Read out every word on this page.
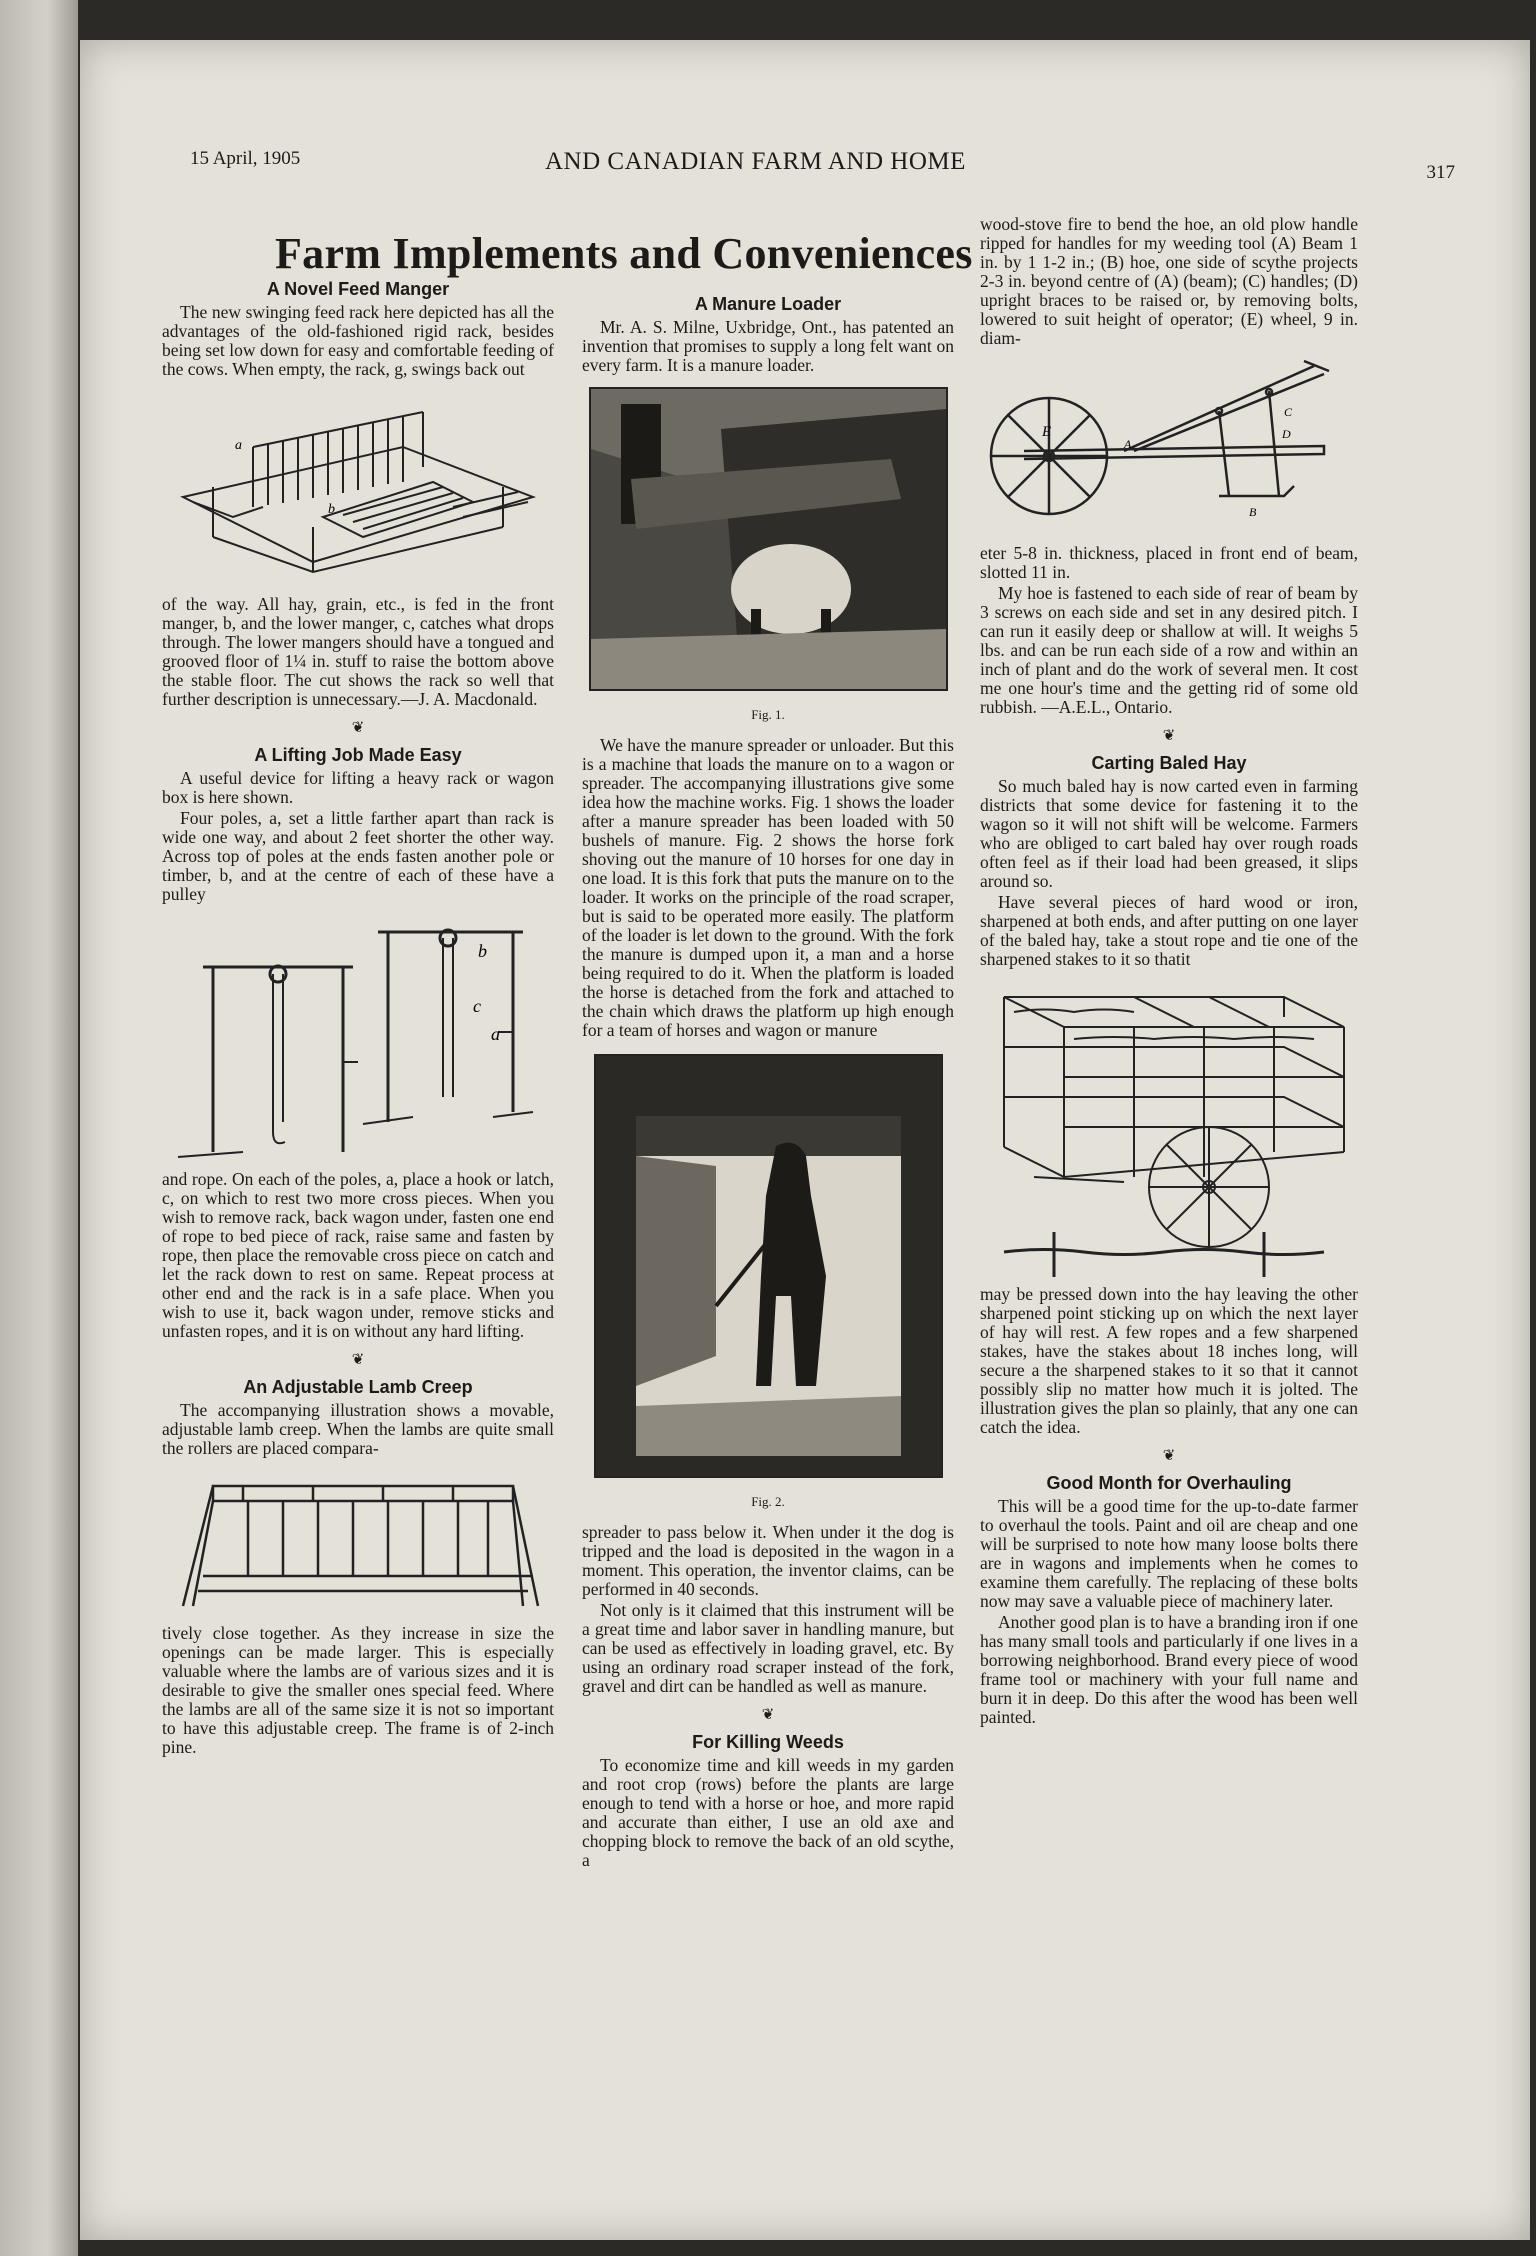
15 April, 1905	AND CANADIAN FARM AND HOME	317
Farm Implements and Conveniences
A Novel Feed Manger

The new swinging feed rack here depicted has all the advantages of the old-fashioned rigid rack, besides being set low down for easy and comfortable feeding of the cows. When empty, the rack, g, swings back out

a
b

of the way. All hay, grain, etc., is fed in the front manger, b, and the lower manger, c, catches what drops through. The lower mangers should have a tongued and grooved floor of 1¼ in. stuff to raise the bottom above the stable floor. The cut shows the rack so well that further description is unnecessary.—J. A. Macdonald.

❦
A Lifting Job Made Easy

A useful device for lifting a heavy rack or wagon box is here shown.

Four poles, a, set a little farther apart than rack is wide one way, and about 2 feet shorter the other way. Across top of poles at the ends fasten another pole or timber, b, and at the centre of each of these have a pulley

b
c
a

and rope. On each of the poles, a, place a hook or latch, c, on which to rest two more cross pieces. When you wish to remove rack, back wagon under, fasten one end of rope to bed piece of rack, raise same and fasten by rope, then place the removable cross piece on catch and let the rack down to rest on same. Repeat process at other end and the rack is in a safe place. When you wish to use it, back wagon under, remove sticks and unfasten ropes, and it is on without any hard lifting.

❦
An Adjustable Lamb Creep

The accompanying illustration shows a movable, adjustable lamb creep. When the lambs are quite small the rollers are placed compara-

tively close together. As they increase in size the openings can be made larger. This is especially valuable where the lambs are of various sizes and it is desirable to give the smaller ones special feed. Where the lambs are all of the same size it is not so important to have this adjustable creep. The frame is of 2-inch pine.

A Manure Loader

Mr. A. S. Milne, Uxbridge, Ont., has patented an invention that promises to supply a long felt want on every farm. It is a manure loader.

Fig. 1.

We have the manure spreader or unloader. But this is a machine that loads the manure on to a wagon or spreader. The accompanying illustrations give some idea how the machine works. Fig. 1 shows the loader after a manure spreader has been loaded with 50 bushels of manure. Fig. 2 shows the horse fork shoving out the manure of 10 horses for one day in one load. It is this fork that puts the manure on to the loader. It works on the principle of the road scraper, but is said to be operated more easily. The platform of the loader is let down to the ground. With the fork the manure is dumped upon it, a man and a horse being required to do it. When the platform is loaded the horse is detached from the fork and attached to the chain which draws the platform up high enough for a team of horses and wagon or manure

Fig. 2.

spreader to pass below it. When under it the dog is tripped and the load is deposited in the wagon in a moment. This operation, the inventor claims, can be performed in 40 seconds.

Not only is it claimed that this instrument will be a great time and labor saver in handling manure, but can be used as effectively in loading gravel, etc. By using an ordinary road scraper instead of the fork, gravel and dirt can be handled as well as manure.

❦
For Killing Weeds

To economize time and kill weeds in my garden and root crop (rows) before the plants are large enough to tend with a horse or hoe, and more rapid and accurate than either, I use an old axe and chopping block to remove the back of an old scythe, a

wood-stove fire to bend the hoe, an old plow handle ripped for handles for my weeding tool (A) Beam 1 in. by 1 1-2 in.; (B) hoe, one side of scythe projects 2-3 in. beyond centre of (A) (beam); (C) handles; (D) upright braces to be raised or, by removing bolts, lowered to suit height of operator; (E) wheel, 9 in. diam-

E
A
B
C
D

eter 5-8 in. thickness, placed in front end of beam, slotted 11 in.

My hoe is fastened to each side of rear of beam by 3 screws on each side and set in any desired pitch. I can run it easily deep or shallow at will. It weighs 5 lbs. and can be run each side of a row and within an inch of plant and do the work of several men. It cost me one hour's time and the getting rid of some old rubbish. —A.E.L., Ontario.

❦
Carting Baled Hay

So much baled hay is now carted even in farming districts that some device for fastening it to the wagon so it will not shift will be welcome. Farmers who are obliged to cart baled hay over rough roads often feel as if their load had been greased, it slips around so.

Have several pieces of hard wood or iron, sharpened at both ends, and after putting on one layer of the baled hay, take a stout rope and tie one of the sharpened stakes to it so thatit

may be pressed down into the hay leaving the other sharpened point sticking up on which the next layer of hay will rest. A few ropes and a few sharpened stakes, have the stakes about 18 inches long, will secure a the sharpened stakes to it so that it cannot possibly slip no matter how much it is jolted. The illustration gives the plan so plainly, that any one can catch the idea.

❦
Good Month for Overhauling

This will be a good time for the up-to-date farmer to overhaul the tools. Paint and oil are cheap and one will be surprised to note how many loose bolts there are in wagons and implements when he comes to examine them carefully. The replacing of these bolts now may save a valuable piece of machinery later.

Another good plan is to have a branding iron if one has many small tools and particularly if one lives in a borrowing neighborhood. Brand every piece of wood frame tool or machinery with your full name and burn it in deep. Do this after the wood has been well painted.
